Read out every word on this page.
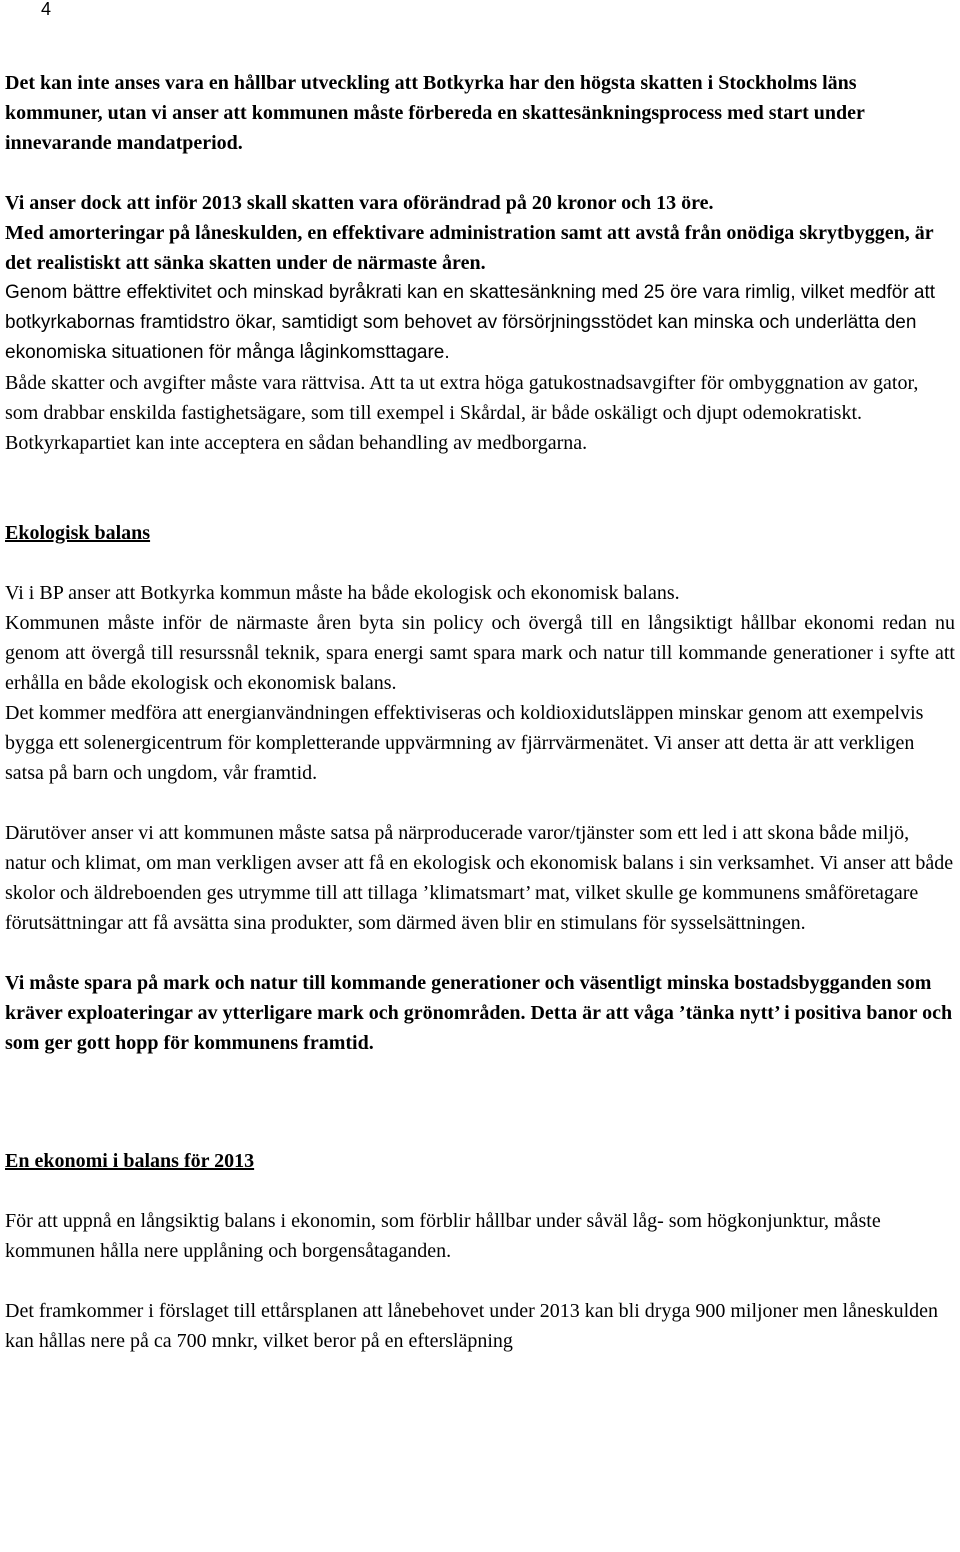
4

Det kan inte anses vara en hållbar utveckling att Botkyrka har den högsta skatten i Stockholms läns kommuner, utan vi anser att kommunen måste förbereda en skattesänkningsprocess med start under innevarande mandatperiod.

Vi anser dock att inför 2013 skall skatten vara oförändrad på 20 kronor och 13 öre.

Med amorteringar på låneskulden, en effektivare administration samt att avstå från onödiga skrytbyggen, är det realistiskt att sänka skatten under de närmaste åren.

Genom bättre effektivitet och minskad byråkrati kan en skattesänkning med 25 öre vara rimlig, vilket medför att botkyrkabornas framtidstro ökar, samtidigt som behovet av försörjningsstödet kan minska och underlätta den ekonomiska situationen för många låginkomsttagare.

Både skatter och avgifter måste vara rättvisa. Att ta ut extra höga gatukostnadsavgifter för ombyggnation av gator, som drabbar enskilda fastighetsägare, som till exempel i Skårdal, är både oskäligt och djupt odemokratiskt.

Botkyrkapartiet kan inte acceptera en sådan behandling av medborgarna.

Ekologisk balans

Vi i BP anser att Botkyrka kommun måste ha både ekologisk och ekonomisk balans.

Kommunen måste inför de närmaste åren byta sin policy och övergå till en långsiktigt hållbar ekonomi redan nu genom att övergå till resurssnål teknik, spara energi samt spara mark och natur till kommande generationer i syfte att erhålla en både ekologisk och ekonomisk balans.

Det kommer medföra att energianvändningen effektiviseras och koldioxidutsläppen minskar genom att exempelvis bygga ett solenergicentrum för kompletterande uppvärmning av fjärrvärmenätet. Vi anser att detta är att verkligen satsa på barn och ungdom, vår framtid.

Därutöver anser vi att kommunen måste satsa på närproducerade varor/tjänster som ett led i att skona både miljö, natur och klimat, om man verkligen avser att få en ekologisk och ekonomisk balans i sin verksamhet. Vi anser att både skolor och äldreboenden ges utrymme till att tillaga ’klimatsmart’ mat, vilket skulle ge kommunens småföretagare förutsättningar att få avsätta sina produkter, som därmed även blir en stimulans för sysselsättningen.

Vi måste spara på mark och natur till kommande generationer och väsentligt minska bostadsbygganden som kräver exploateringar av ytterligare mark och grönområden. Detta är att våga ’tänka nytt’ i positiva banor och som ger gott hopp för kommunens framtid.

En ekonomi i balans för 2013

För att uppnå en långsiktig balans i ekonomin, som förblir hållbar under såväl låg- som högkonjunktur, måste kommunen hålla nere upplåning och borgensåtaganden.

Det framkommer i förslaget till ettårsplanen att lånebehovet under 2013 kan bli dryga 900 miljoner men låneskulden kan hållas nere på ca 700 mnkr, vilket beror på en eftersläpning
